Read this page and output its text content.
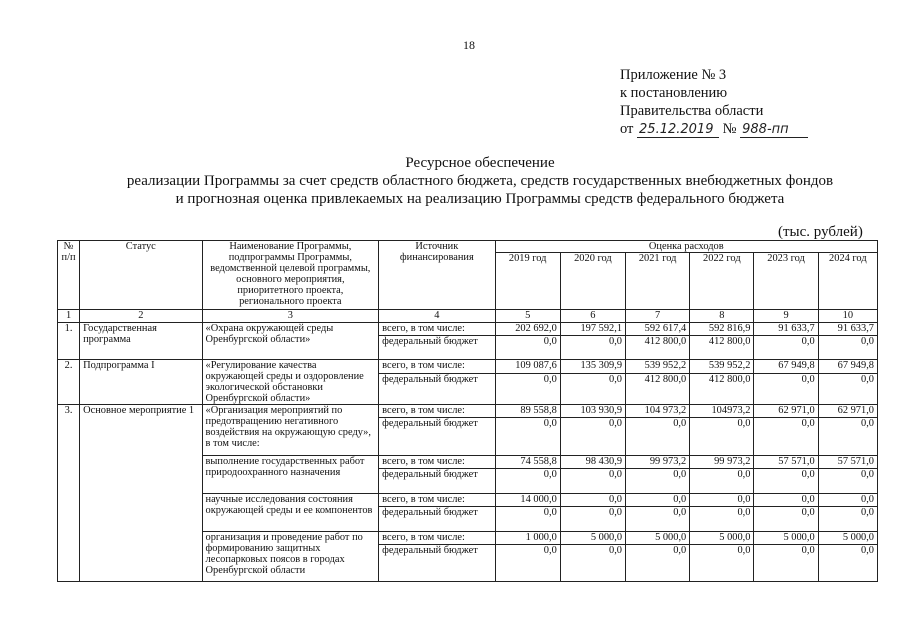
18
Приложение № 3
к постановлению
Правительства области
от 25.12.2019 № 988-пп
Ресурсное обеспечение
реализации Программы за счет средств областного бюджета, средств государственных внебюджетных фондов
и прогнозная оценка привлекаемых на реализацию Программы средств федерального бюджета
(тыс. рублей)
№ п/п	Статус	Наименование Программы, подпрограммы Программы, ведомственной целевой программы, основного мероприятия, приоритетного проекта, регионального проекта	Источник финансирования	Оценка расходов					
				2019 год	2020 год	2021 год	2022 год	2023 год	2024 год
1	2	3	4	5	6	7	8	9	10
1.	Государственная программа	«Охрана окружающей среды Оренбургской области»	всего, в том числе:	202 692,0	197 592,1	592 617,4	592 816,9	91 633,7	91 633,7
			федеральный бюджет	0,0	0,0	412 800,0	412 800,0	0,0	0,0
2.	Подпрограмма I	«Регулирование качества окружающей среды и оздоровление экологической обстановки Оренбургской области»	всего, в том числе:	109 087,6	135 309,9	539 952,2	539 952,2	67 949,8	67 949,8
			федеральный бюджет	0,0	0,0	412 800,0	412 800,0	0,0	0,0
3.	Основное мероприятие 1	«Организация мероприятий по предотвращению негативного воздействия на окружающую среду», в том числе:	всего, в том числе:	89 558,8	103 930,9	104 973,2	104973,2	62 971,0	62 971,0
			федеральный бюджет	0,0	0,0	0,0	0,0	0,0	0,0
		выполнение государственных работ природоохранного назначения	всего, в том числе:	74 558,8	98 430,9	99 973,2	99 973,2	57 571,0	57 571,0
			федеральный бюджет	0,0	0,0	0,0	0,0	0,0	0,0
		научные исследования состояния окружающей среды и ее компонентов	всего, в том числе:	14 000,0	0,0	0,0	0,0	0,0	0,0
			федеральный бюджет	0,0	0,0	0,0	0,0	0,0	0,0
		организация и проведение работ по формированию защитных лесопарковых поясов в городах Оренбургской области	всего, в том числе:	1 000,0	5 000,0	5 000,0	5 000,0	5 000,0	5 000,0
			федеральный бюджет	0,0	0,0	0,0	0,0	0,0	0,0
